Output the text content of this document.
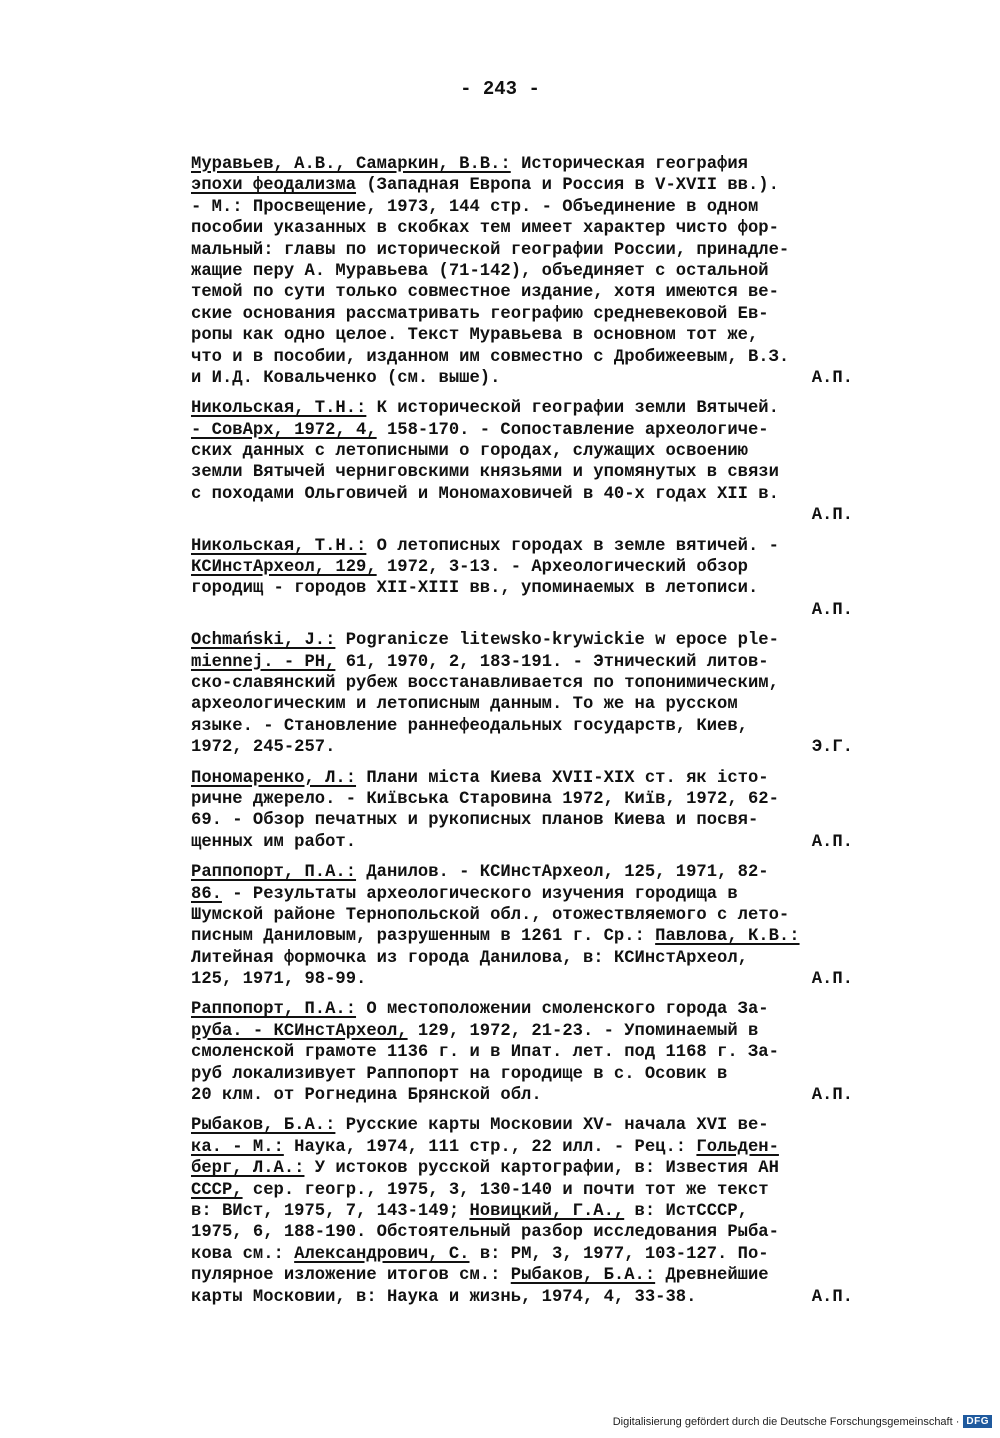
- 243 -
Муравьев, А.В., Самаркин, В.В.: Историческая география
эпохи феодализма (Западная Европа и Россия в V-XVII вв.).
- М.: Просвещение, 1973, 144 стр. - Объединение в одном
пособии указанных в скобках тем имеет характер чисто фор-
мальный: главы по исторической географии России, принадле-
жащие перу А. Муравьева (71-142), объединяет с остальной
темой по сути только совместное издание, хотя имеются ве-
ские основания рассматривать географию средневековой Ев-
ропы как одно целое. Текст Муравьева в основном тот же,
что и в пособии, изданном им совместно с Дробижеевым, В.З.
и И.Д. Ковальченко (см. выше).	А.П.
Никольская, Т.Н.: К исторической географии земли Вятычей.
- СовАрх, 1972, 4, 158-170. - Сопоставление археологиче-
ских данных с летописными о городах, служащих освоению
земли Вятычей черниговскими князьями и упомянутых в связи
с походами Ольговичей и Мономаховичей в 40-х годах XII в.
А.П.
Никольская, Т.Н.: О летописных городах в земле вятичей. -
КСИнстАрхеол, 129, 1972, 3-13. - Археологический обзор
городищ - городов XII-XIII вв., упоминаемых в летописи.
А.П.
Ochmański, J.: Pogranicze litewsko-krywickie w epoce ple-
miennej. - PH, 61, 1970, 2, 183-191. - Этнический литов-
ско-славянский рубеж восстанавливается по топонимическим,
археологическим и летописным данным. То же на русском
языке. - Становление раннефеодальных государств, Киев,
1972, 245-257.	Э.Г.
Пономаренко, Л.: Плани міста Киева XVII-XIX ст. як істо-
ричне джерело. - Київська Старовина 1972, Київ, 1972, 62-
69. - Обзор печатных и рукописных планов Киева и посвя-
щенных им работ.	А.П.
Раппопорт, П.А.: Данилов. - КСИнстАрхеол, 125, 1971, 82-
86. - Результаты археологического изучения городища в
Шумской районе Тернопольской обл., отожествляемого с лето-
писным Даниловым, разрушенным в 1261 г. Ср.: Павлова, К.В.:
Литейная формочка из города Данилова, в: КСИнстАрхеол,
125, 1971, 98-99.	А.П.
Раппопорт, П.А.: О местоположении смоленского города За-
руба. - КСИнстАрхеол, 129, 1972, 21-23. - Упоминаемый в
смоленской грамоте 1136 г. и в Ипат. лет. под 1168 г. За-
руб локализивует Раппопорт на городище в с. Осовик в
20 клм. от Рогнедина Брянской обл.	А.П.
Рыбаков, Б.А.: Русские карты Московии XV- начала XVI ве-
ка. - М.: Наука, 1974, 111 стр., 22 илл. - Рец.: Гольден-
берг, Л.А.: У истоков русской картографии, в: Известия АН
СССР, сер. геогр., 1975, 3, 130-140 и почти тот же текст
в: ВИст, 1975, 7, 143-149; Новицкий, Г.А., в: ИстСССР,
1975, 6, 188-190. Обстоятельный разбор исследования Рыба-
кова см.: Александрович, С. в: РМ, 3, 1977, 103-127. По-
пулярное изложение итогов см.: Рыбаков, Б.А.: Древнейшие
карты Московии, в: Наука и жизнь, 1974, 4, 33-38.	А.П.
Digitalisierung gefördert durch die Deutsche Forschungsgemeinschaft · DFG
